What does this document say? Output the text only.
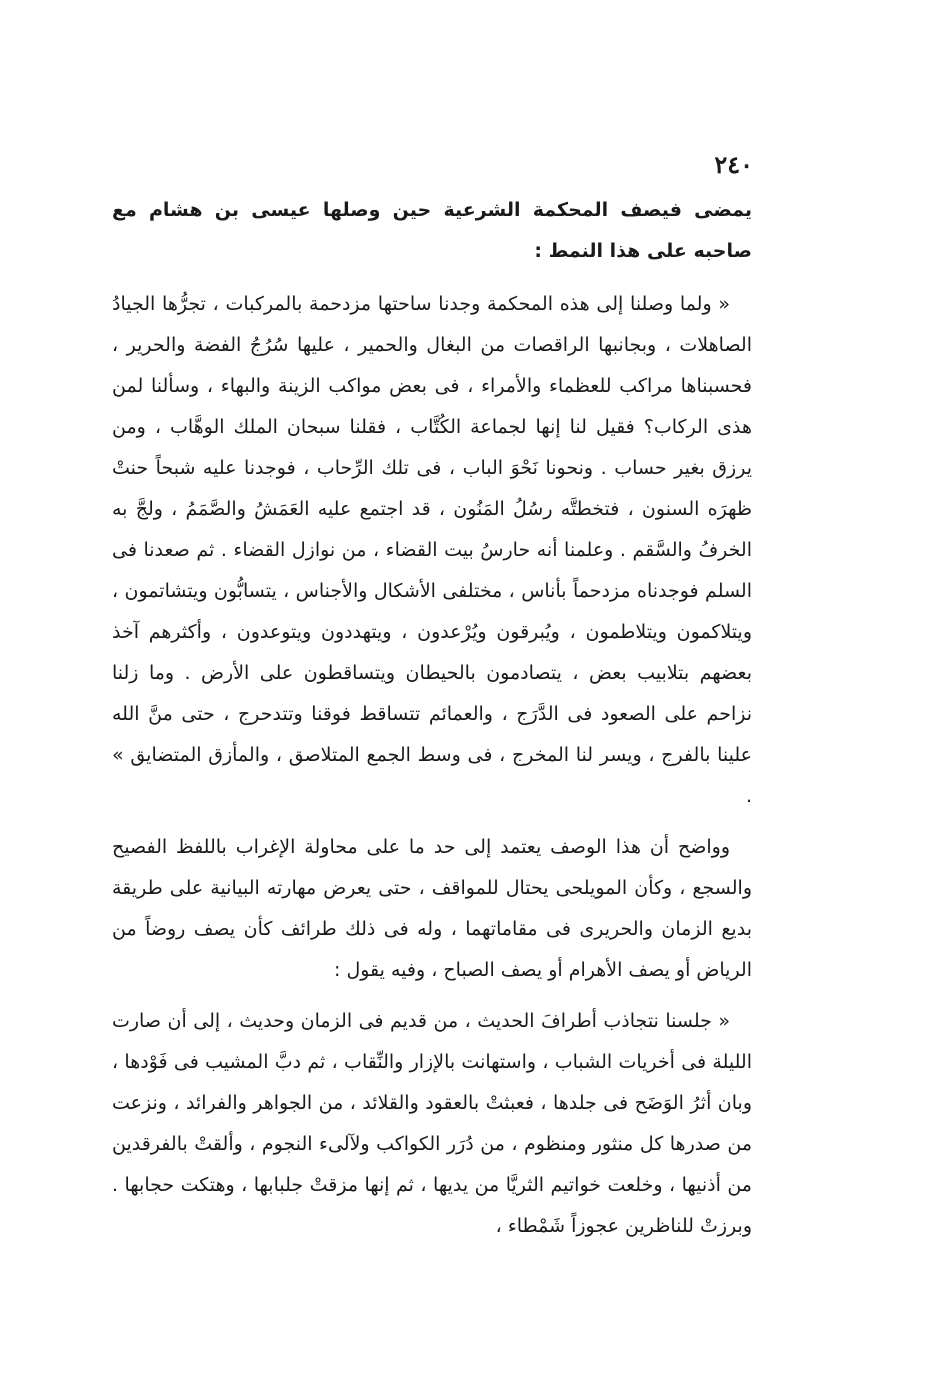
٢٤٠

يمضى فيصف المحكمة الشرعية حين وصلها عيسى بن هشام مع صاحبه على هذا النمط :

« ولما وصلنا إلى هذه المحكمة وجدنا ساحتها مزدحمة بالمركبات ، تجرُّها الجيادُ الصاهلات ، وبجانبها الراقصات من البغال والحمير ، عليها سُرُجُ الفضة والحرير ، فحسبناها مراكب للعظماء والأمراء ، فى بعض مواكب الزينة والبهاء ، وسألنا لمن هذى الركاب؟ فقيل لنا إنها لجماعة الكُتَّاب ، فقلنا سبحان الملك الوهَّاب ، ومن يرزق بغير حساب . ونحونا نَحْوَ الباب ، فى تلك الرِّحاب ، فوجدنا عليه شبحاً حنتْ ظهرَه السنون ، فتخطتَّه رسُلُ المَنُون ، قد اجتمع عليه العَمَشُ والصَّمَمُ ، ولجَّ به الخرفُ والسَّقم . وعلمنا أنه حارسُ بيت القضاء ، من نوازل القضاء . ثم صعدنا فى السلم فوجدناه مزدحماً بأناس ، مختلفى الأشكال والأجناس ، يتسابُّون ويتشاتمون ، ويتلاكمون ويتلاطمون ، ويُبرقون ويُرْعدون ، ويتهددون ويتوعدون ، وأكثرهم آخذ بعضهم بتلابيب بعض ، يتصادمون بالحيطان ويتساقطون على الأرض . وما زلنا نزاحم على الصعود فى الدَّرَج ، والعمائم تتساقط فوقنا وتتدحرج ، حتى منَّ الله علينا بالفرج ، ويسر لنا المخرج ، فى وسط الجمع المتلاصق ، والمأزق المتضايق » .

وواضح أن هذا الوصف يعتمد إلى حد ما على محاولة الإغراب باللفظ الفصيح والسجع ، وكأن المويلحى يحتال للمواقف ، حتى يعرض مهارته البيانية على طريقة بديع الزمان والحريرى فى مقاماتهما ، وله فى ذلك طرائف كأن يصف روضاً من الرياض أو يصف الأهرام أو يصف الصباح ، وفيه يقول :

« جلسنا نتجاذب أطرافَ الحديث ، من قديم فى الزمان وحديث ، إلى أن صارت الليلة فى أخريات الشباب ، واستهانت بالإزار والنِّقاب ، ثم دبَّ المشيب فى فَوْدها ، وبان أثرُ الوَضَح فى جلدها ، فعبثتْ بالعقود والقلائد ، من الجواهر والفرائد ، ونزعت من صدرها كل منثور ومنظوم ، من دُرَر الكواكب ولآلىء النجوم ، وألقتْ بالفرقدين من أذنيها ، وخلعت خواتيم الثريَّا من يديها ، ثم إنها مزقتْ جلبابها ، وهتكت حجابها . وبرزتْ للناظرين عجوزاً شَمْطاء ،
